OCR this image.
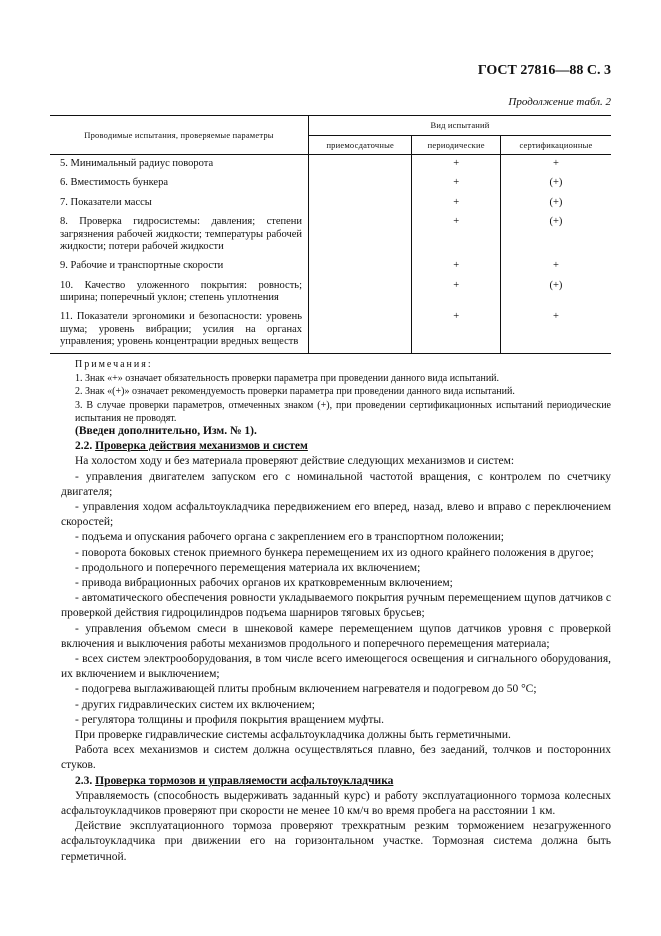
ГОСТ 27816—88 С. 3
Продолжение табл. 2
Проводимые испытания, проверяемые параметры	Вид испытаний		
	приемосдаточные	периодические	сертификационные
5. Минимальный радиус поворота		+	+
6. Вместимость бункера		+	(+)
7. Показатели массы		+	(+)
8. Проверка гидросистемы: давления; степени загрязнения рабочей жидкости; температуры рабочей жидкости; потери рабочей жидкости		+	(+)
9. Рабочие и транспортные скорости		+	+
10. Качество уложенного покрытия: ровность; ширина; поперечный уклон; степень уплотнения		+	(+)
11. Показатели эргономики и безопасности: уровень шума; уровень вибрации; усилия на органах управления; уровень концентрации вредных веществ		+	+
Примечания:
1. Знак «+» означает обязательность проверки параметра при проведении данного вида испытаний.
2. Знак «(+)» означает рекомендуемость проверки параметра при проведении данного вида испытаний.
3. В случае проверки параметров, отмеченных знаком (+), при проведении сертификационных испытаний периодические испытания не проводят.

(Введен дополнительно, Изм. № 1).

2.2. Проверка действия механизмов и систем

На холостом ходу и без материала проверяют действие следующих механизмов и систем:

- управления двигателем запуском его с номинальной частотой вращения, с контролем по счетчику двигателя;

- управления ходом асфальтоукладчика передвижением его вперед, назад, влево и вправо с переключением скоростей;

- подъема и опускания рабочего органа с закреплением его в транспортном положении;

- поворота боковых стенок приемного бункера перемещением их из одного крайнего положения в другое;

- продольного и поперечного перемещения материала их включением;

- привода вибрационных рабочих органов их кратковременным включением;

- автоматического обеспечения ровности укладываемого покрытия ручным перемещением щупов датчиков с проверкой действия гидроцилиндров подъема шарниров тяговых брусьев;

- управления объемом смеси в шнековой камере перемещением щупов датчиков уровня с проверкой включения и выключения работы механизмов продольного и поперечного перемещения материала;

- всех систем электрооборудования, в том числе всего имеющегося освещения и сигнального оборудования, их включением и выключением;

- подогрева выглаживающей плиты пробным включением нагревателя и подогревом до 50 °С;

- других гидравлических систем их включением;

- регулятора толщины и профиля покрытия вращением муфты.

При проверке гидравлические системы асфальтоукладчика должны быть герметичными.

Работа всех механизмов и систем должна осуществляться плавно, без заеданий, толчков и посторонних стуков.

2.3. Проверка тормозов и управляемости асфальтоукладчика

Управляемость (способность выдерживать заданный курс) и работу эксплуатационного тормоза колесных асфальтоукладчиков проверяют при скорости не менее 10 км/ч во время пробега на расстоянии 1 км.

Действие эксплуатационного тормоза проверяют трехкратным резким торможением незагруженного асфальтоукладчика при движении его на горизонтальном участке. Тормозная система должна быть герметичной.
